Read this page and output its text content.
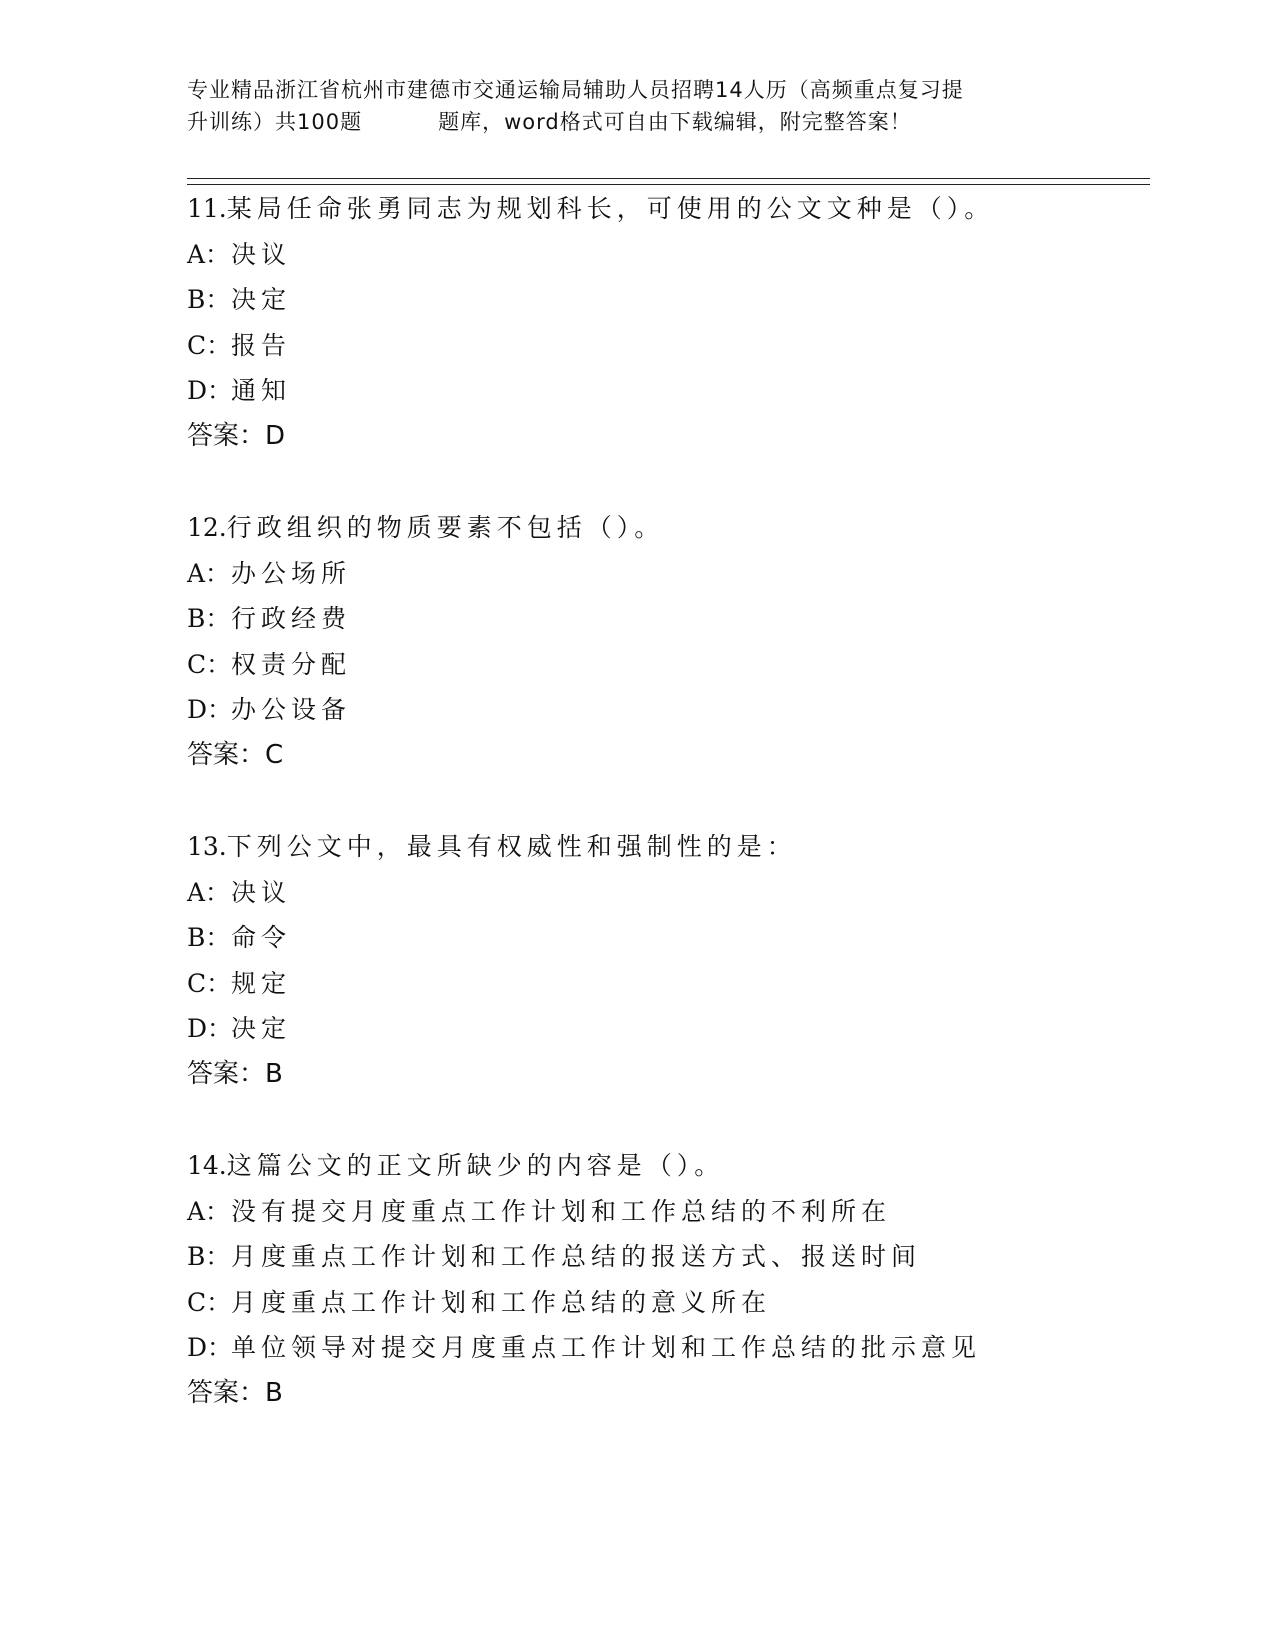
专业精品浙江省杭州市建德市交通运输局辅助人员招聘14人历（高频重点复习提
升训练）共100题	题库，word格式可自由下载编辑，附完整答案！
11.某局任命张勇同志为规划科长，可使用的公文文种是（）。
A：决议
B：决定
C：报告
D：通知
答案：D
12.行政组织的物质要素不包括（）。
A：办公场所
B：行政经费
C：权责分配
D：办公设备
答案：C
13.下列公文中，最具有权威性和强制性的是：
A：决议
B：命令
C：规定
D：决定
答案：B
14.这篇公文的正文所缺少的内容是（）。
A：没有提交月度重点工作计划和工作总结的不利所在
B：月度重点工作计划和工作总结的报送方式、报送时间
C：月度重点工作计划和工作总结的意义所在
D：单位领导对提交月度重点工作计划和工作总结的批示意见
答案：B
